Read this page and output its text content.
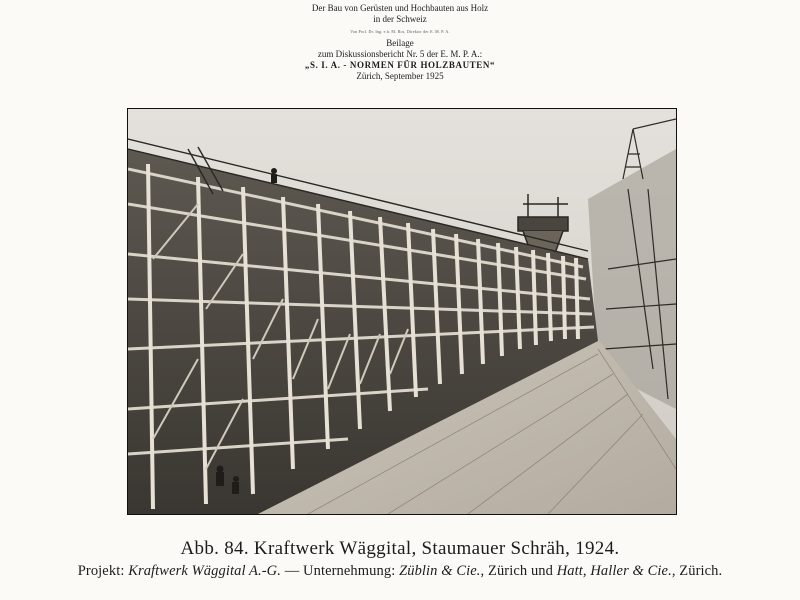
Der Bau von Gerüsten und Hochbauten aus Holz
in der Schweiz
Von Prof. Dr. Ing. e.h. M. Ros, Direktor der E. M. P. A.
Beilage
zum Diskussionsbericht Nr. 5 der E. M. P. A.:
„S. I. A. - NORMEN FÜR HOLZBAUTEN“
Zürich, September 1925
Abb. 84. Kraftwerk Wäggital, Staumauer Schräh, 1924.
Projekt: Kraftwerk Wäggital A.-G. — Unternehmung: Züblin & Cie., Zürich und Hatt, Haller & Cie., Zürich.
